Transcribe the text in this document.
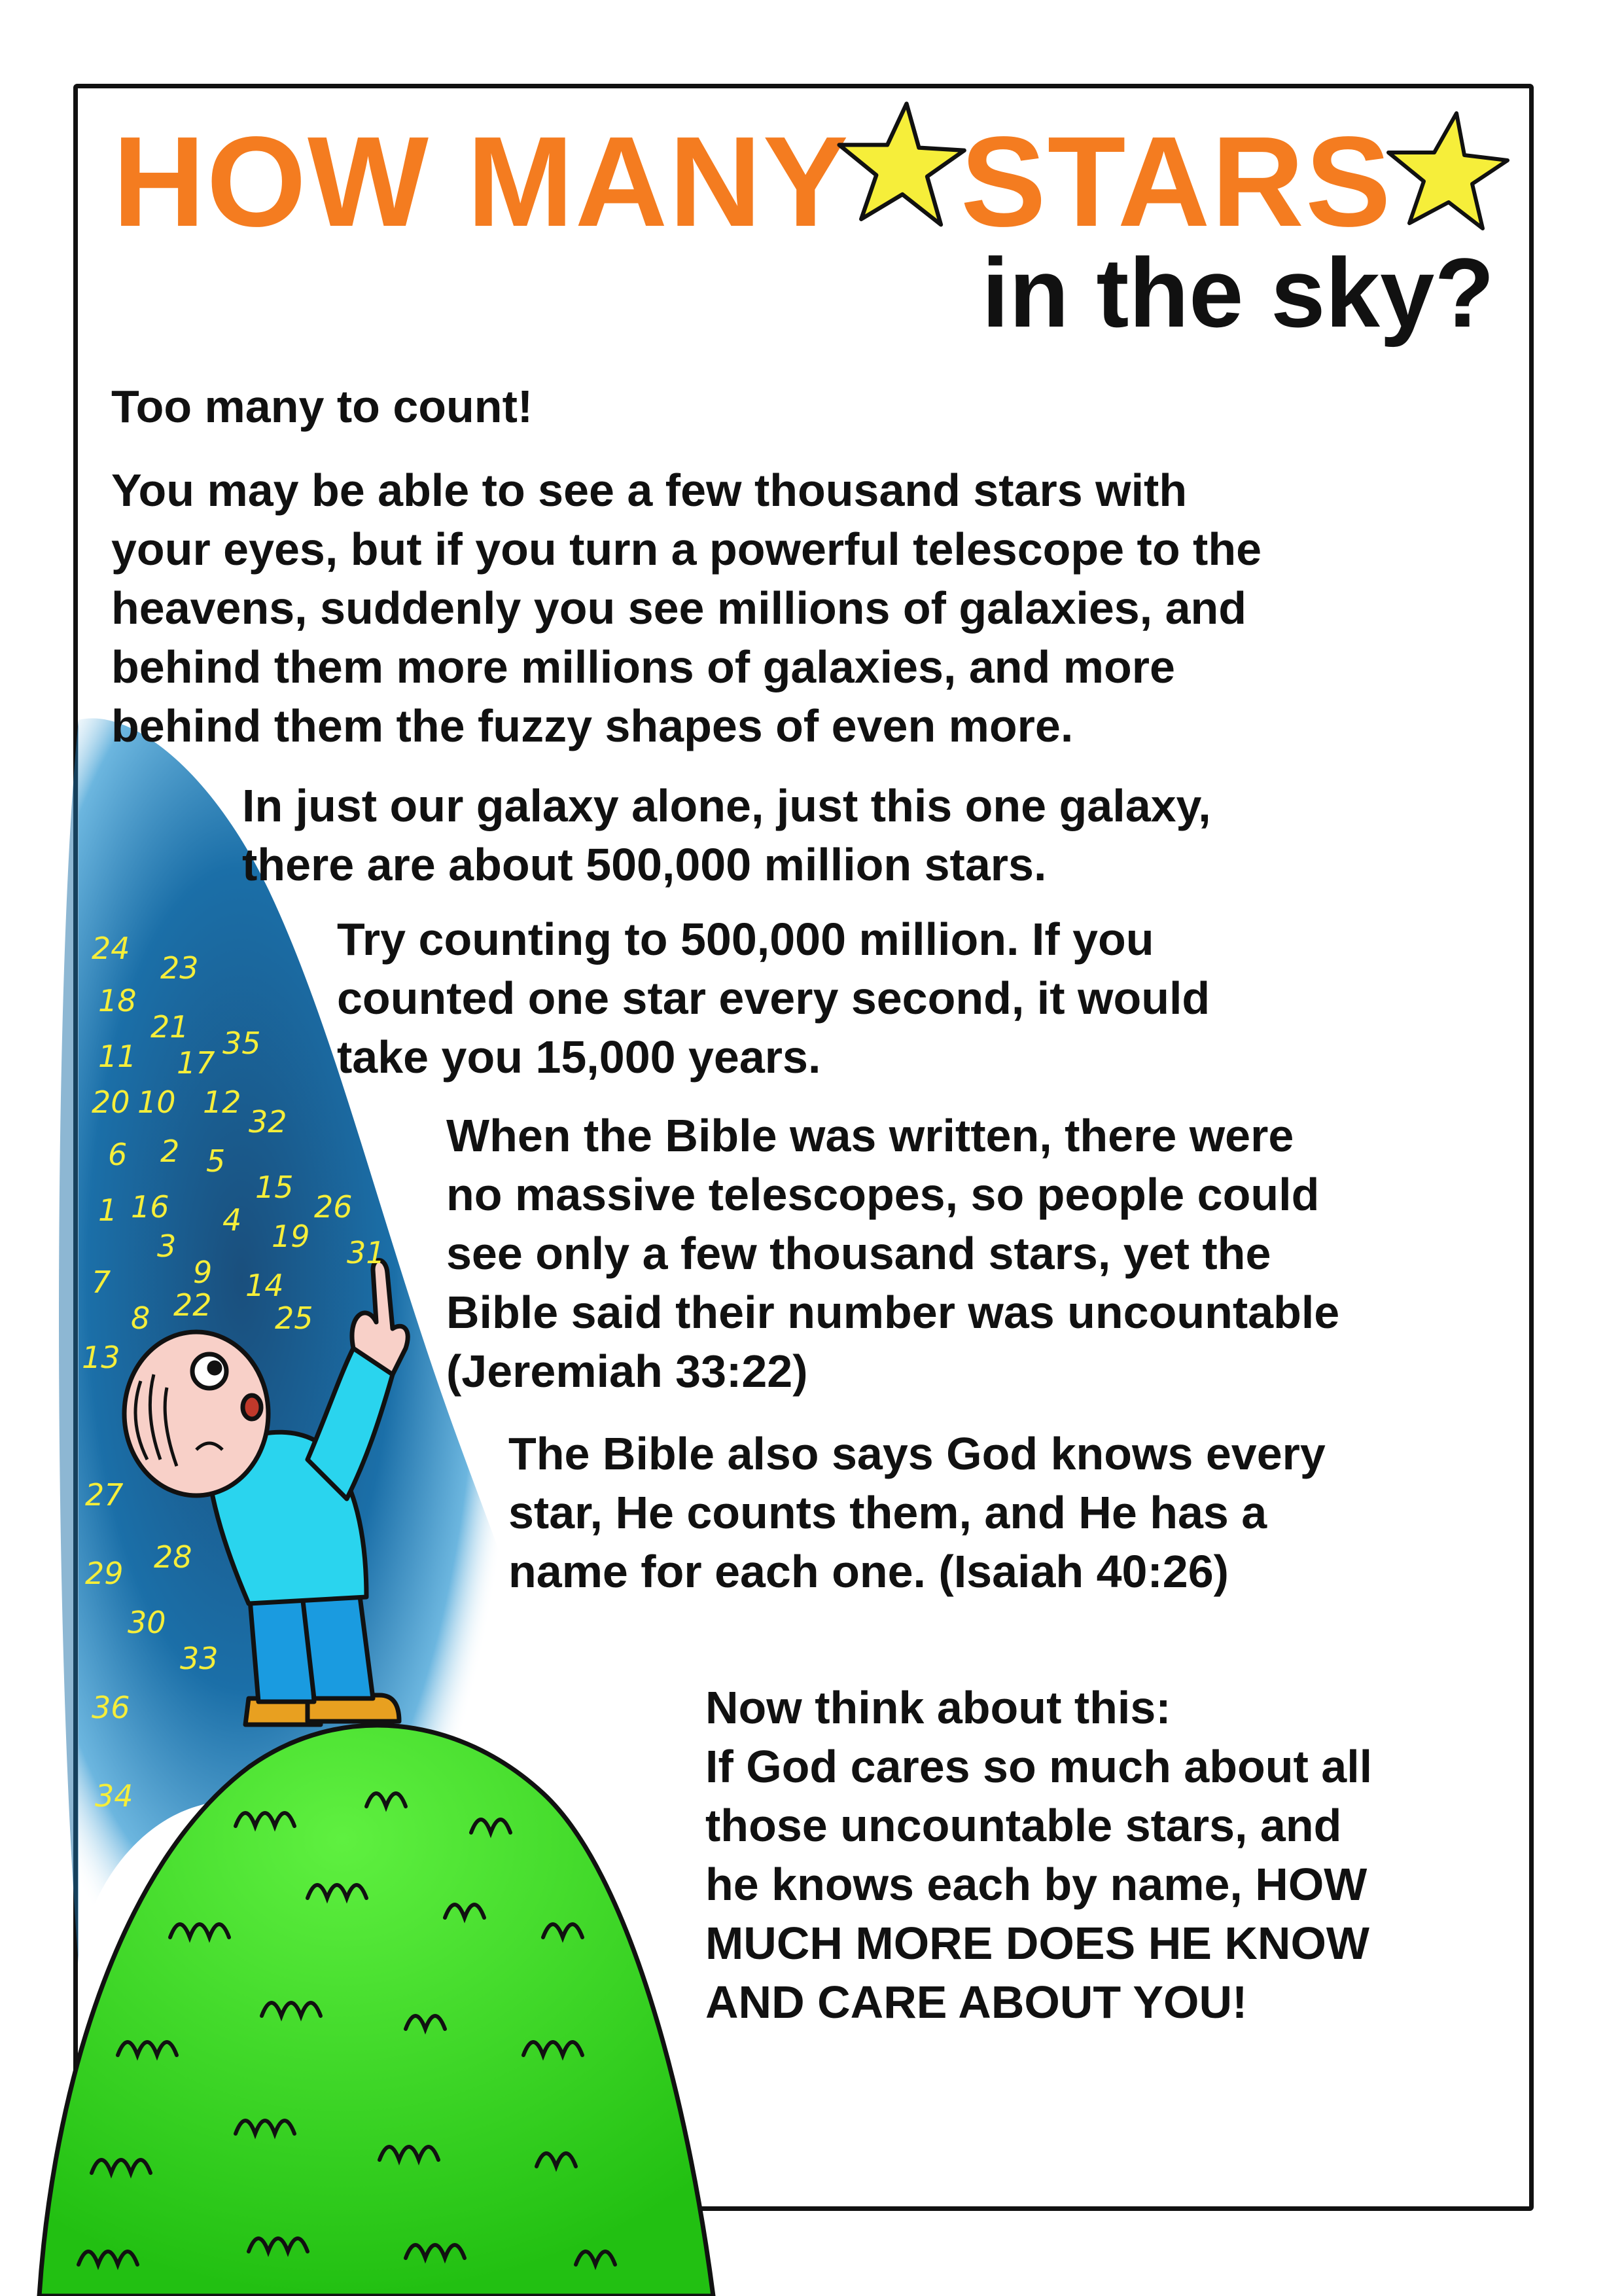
24
18
23
11
21
17
35
20 10 12
6 2 5
32
1 16
15
3
4 19
26
7	9 14
8 22 25
13
31
27
29 28
30
33
36
34
HOW MANY STARS
in the sky?
Too many to count!
You may be able to see a few thousand stars with
your eyes, but if you turn a powerful telescope to the
heavens, suddenly you see millions of galaxies, and
behind them more millions of galaxies, and more
behind them the fuzzy shapes of even more.
In just our galaxy alone, just this one galaxy,
there are about 500,000 million stars.
Try counting to 500,000 million. If you
counted one star every second, it would
take you 15,000 years.
When the Bible was written, there were
no massive telescopes, so people could
see only a few thousand stars, yet the
Bible said their number was uncountable
(Jeremiah 33:22)
The Bible also says God knows every
star, He counts them, and He has a
name for each one. (Isaiah 40:26)
Now think about this:
If God cares so much about all
those uncountable stars, and
he knows each by name, HOW
MUCH MORE DOES HE KNOW
AND CARE ABOUT YOU!
